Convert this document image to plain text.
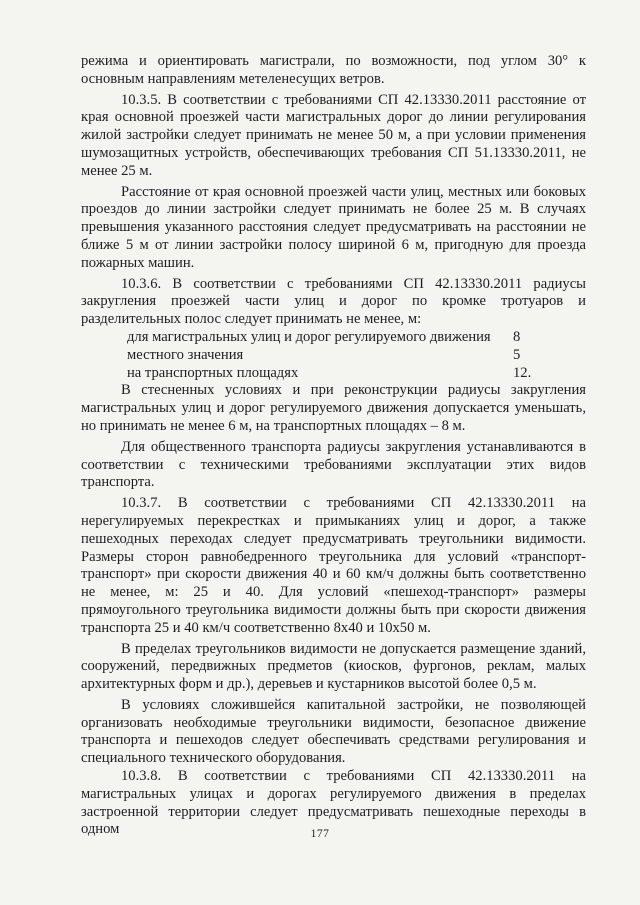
режима и ориентировать магистрали, по возможности, под углом 30° к основным направлениям метеленесущих ветров.

10.3.5. В соответствии с требованиями СП 42.13330.2011 расстояние от края основной проезжей части магистральных дорог до линии регулирования жилой застройки следует принимать не менее 50 м, а при условии применения шумозащитных устройств, обеспечивающих требования СП 51.13330.2011, не менее 25 м.

Расстояние от края основной проезжей части улиц, местных или боковых проездов до линии застройки следует принимать не более 25 м. В случаях превышения указанного расстояния следует предусматривать на расстоянии не ближе 5 м от линии застройки полосу шириной 6 м, пригодную для проезда пожарных машин.

10.3.6. В соответствии с требованиями СП 42.13330.2011 радиусы закругления проезжей части улиц и дорог по кромке тротуаров и разделительных полос следует принимать не менее, м:

для магистральных улиц и дорог регулируемого движения	8
местного значения	5
на транспортных площадях	12.

В стесненных условиях и при реконструкции радиусы закругления магистральных улиц и дорог регулируемого движения допускается уменьшать, но принимать не менее 6 м, на транспортных площадях – 8 м.

Для общественного транспорта радиусы закругления устанавливаются в соответствии с техническими требованиями эксплуатации этих видов транспорта.

10.3.7. В соответствии с требованиями СП 42.13330.2011 на нерегулируемых перекрестках и примыканиях улиц и дорог, а также пешеходных переходах следует предусматривать треугольники видимости. Размеры сторон равнобедренного треугольника для условий «транспорт-транспорт» при скорости движения 40 и 60 км/ч должны быть соответственно не менее, м: 25 и 40. Для условий «пешеход-транспорт» размеры прямоугольного треугольника видимости должны быть при скорости движения транспорта 25 и 40 км/ч соответственно 8х40 и 10х50 м.

В пределах треугольников видимости не допускается размещение зданий, сооружений, передвижных предметов (киосков, фургонов, реклам, малых архитектурных форм и др.), деревьев и кустарников высотой более 0,5 м.

В условиях сложившейся капитальной застройки, не позволяющей организовать необходимые треугольники видимости, безопасное движение транспорта и пешеходов следует обеспечивать средствами регулирования и специального технического оборудования.

10.3.8. В соответствии с требованиями СП 42.13330.2011 на магистральных улицах и дорогах регулируемого движения в пределах застроенной территории следует предусматривать пешеходные переходы в одном	177
